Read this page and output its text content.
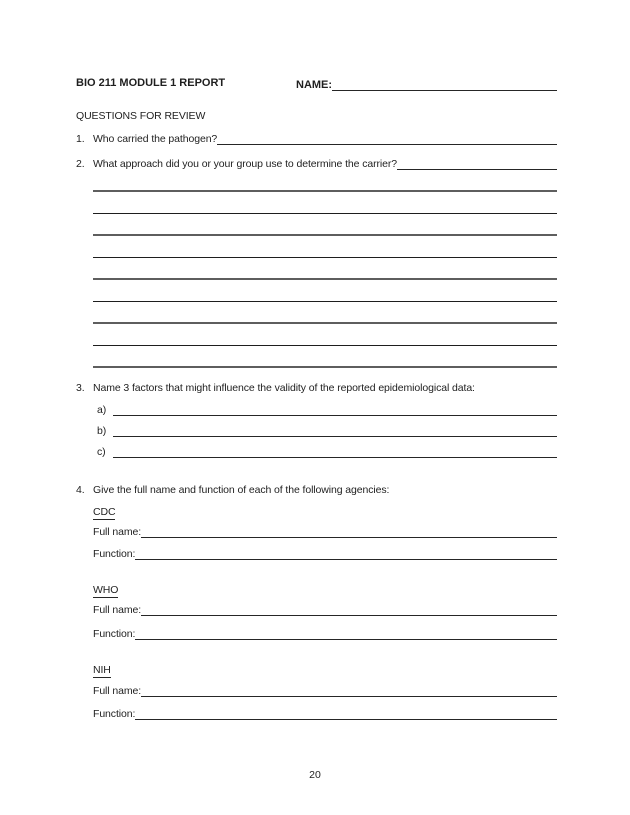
BIO 211 MODULE 1 REPORT	NAME:
QUESTIONS FOR REVIEW
1. Who carried the pathogen?
2. What approach did you or your group use to determine the carrier?
3. Name 3 factors that might influence the validity of the reported epidemiological data:
a)
b)
c)
4. Give the full name and function of each of the following agencies:
CDC
Full name:
Function:
WHO
Full name:
Function:
NIH
Full name:
Function:
20
